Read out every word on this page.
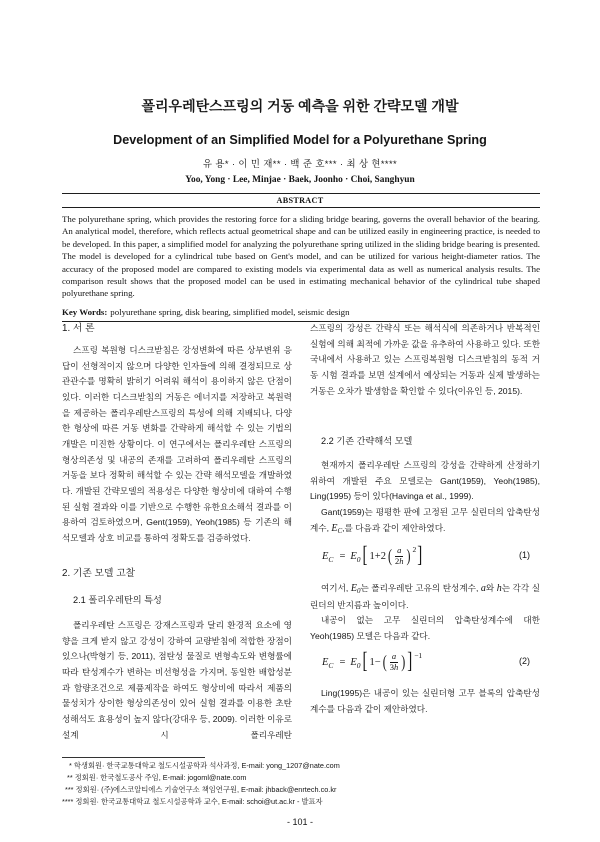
폴리우레탄스프링의 거동 예측을 위한 간략모델 개발
Development of an Simplified Model for a Polyurethane Spring
유 용* · 이 민 재** · 백 준 호*** · 최 상 현****
Yoo, Yong · Lee, Minjae · Baek, Joonho · Choi, Sanghyun
ABSTRACT

The polyurethane spring, which provides the restoring force for a sliding bridge bearing, governs the overall behavior of the bearing. An analytical model, therefore, which reflects actual geometrical shape and can be utilized easily in engineering practice, is needed to be developed. In this paper, a simplified model for analyzing the polyurethane spring utilized in the sliding bridge bearing is presented. The model is developed for a cylindrical tube based on Gent's model, and can be utilized for various height-diameter ratios. The accuracy of the proposed model are compared to existing models via experimental data as well as numerical analysis results. The comparison result shows that the proposed model can be used in estimating mechanical behavior of the cylindrical tube shaped polyurethane spring.

Key Words: polyurethane spring, disk bearing, simplified model, seismic design

1. 서 론

스프링 복원형 디스크받침은 강성변화에 따른 상부변위 응답이 선형적이지 않으며 다양한 인자들에 의해 결정되므로 상관관수를 명확히 밝히기 어려워 해석이 용이하지 않은 단점이 있다. 이러한 디스크받침의 거동은 에너지를 저장하고 복원력을 제공하는 폴리우레탄스프링의 특성에 의해 지배되나, 다양한 형상에 따른 거동 변화를 간략하게 해석할 수 있는 기법의 개발은 미진한 상황이다. 이 연구에서는 폴리우레탄 스프링의 형상의존성 및 내공의 존재를 고려하여 폴리우레탄 스프링의 거동을 보다 정확히 해석할 수 있는 간략 해석모델을 개발하였다. 개발된 간략모델의 적용성은 다양한 형상비에 대하여 수행된 실험 결과와 이를 기반으로 수행한 유한요소해석 결과를 이용하여 검토하였으며, Gent(1959), Yeoh(1985) 등 기존의 해석모델과 상호 비교를 통하여 정확도를 검증하였다.

2. 기존 모델 고찰
2.1 폴리우레탄의 특성

폴리우레탄 스프링은 강재스프링과 달리 환경적 요소에 영향을 크게 받지 않고 강성이 강하여 교량받침에 적합한 장점이 있으나(박형기 등, 2011), 점탄성 물질로 변형속도와 변형률에 따라 탄성계수가 변하는 비선형성을 가지며, 동일한 배합성분과 함량조건으로 제품제작을 하여도 형상비에 따라서 제품의 물성치가 상이한 형상의존성이 있어 실험 결과를 이용한 초탄성해석도 효용성이 높지 않다(강대우 등, 2009). 이러한 이유로 설계 시 폴리우레탄

스프링의 강성은 간략식 또는 해석식에 의존하거나 반복적인 실험에 의해 최적에 가까운 값을 유추하여 사용하고 있다. 또한 국내에서 사용하고 있는 스프링복원형 디스크받침의 동적 거동 시험 결과를 보면 설계에서 예상되는 거동과 실제 발생하는 거동은 오차가 발생함을 확인할 수 있다(이유인 등, 2015).

2.2 기존 간략해석 모델

현재까지 폴리우레탄 스프링의 강성을 간략하게 산정하기 위하여 개발된 주요 모델로는 Gant(1959), Yeoh(1985), Ling(1995) 등이 있다(Havinga et al., 1999).

Gant(1959)는 평평한 판에 고정된 고무 실린더의 압축탄성계수, $E_C$,를 다음과 같이 제안하였다.

E C = E 0 [ 1+2 ( $\frac{a}{2h}$ ) 2 ]	(1)

여기서, $E_0$는 폴리우레탄 고유의 탄성계수, a와 h는 각각 실린더의 반지름과 높이이다.

내공이 없는 고무 실린더의 압축탄성계수에 대한 Yeoh(1985) 모델은 다음과 같다.

E C = E 0 [ 1− ( $\frac{a}{3h}$ ) ] −1
(2)

Ling(1995)은 내공이 있는 실린더형 고무 블록의 압축탄성계수를 다음과 같이 제안하였다.

* 학생회원· 한국교통대학교 철도시설공학과 석사과정, E-mail: yong_1207@nate.com
** 정회원· 한국철도공사 주임, E-mail: jogoml@nate.com
*** 정회원· (주)에스코알티에스 기술연구소 책임연구원, E-mail: jhback@enrtech.co.kr
**** 정회원· 한국교통대학교 철도시설공학과 교수, E-mail: schoi@ut.ac.kr - 발표자
- 101 -
